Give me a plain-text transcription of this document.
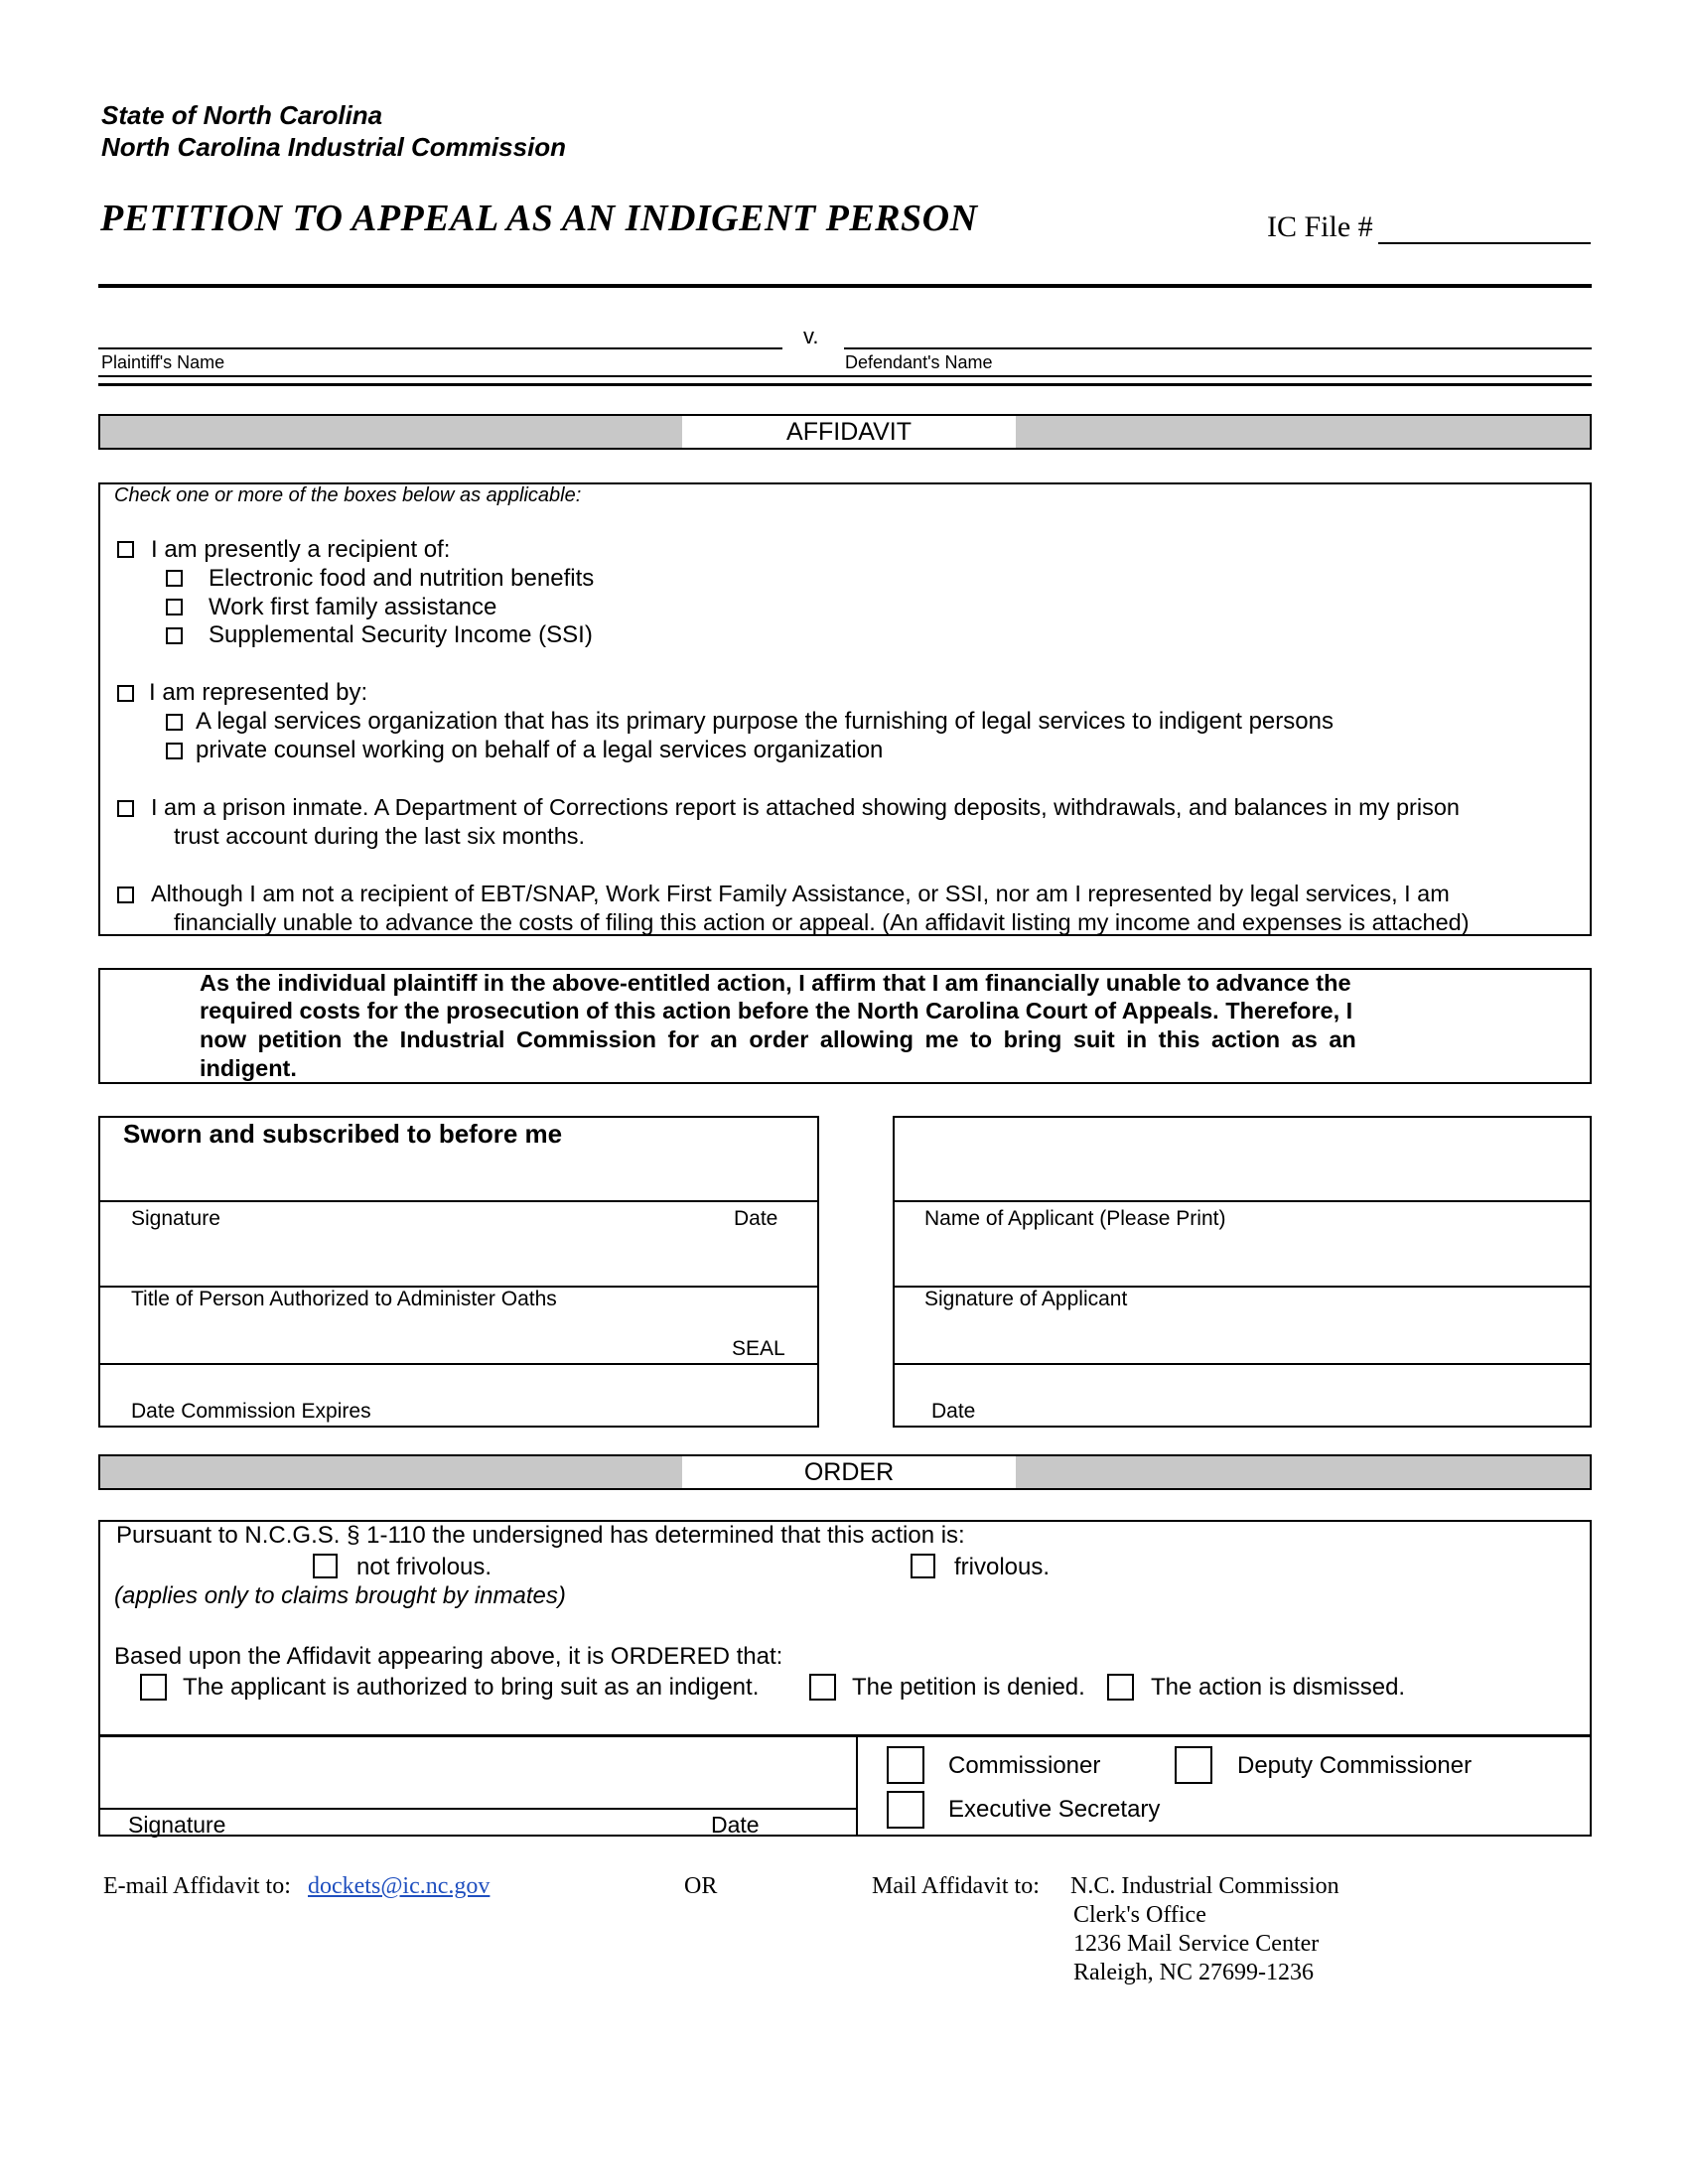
State of North Carolina
North Carolina Industrial Commission
PETITION TO APPEAL AS AN INDIGENT PERSON	IC File #
v.
Plaintiff's Name	Defendant's Name
AFFIDAVIT
Check one or more of the boxes below as applicable:
I am presently a recipient of:
Electronic food and nutrition benefits
Work first family assistance
Supplemental Security Income (SSI)
I am represented by:
A legal services organization that has its primary purpose the furnishing of legal services to indigent persons
private counsel working on behalf of a legal services organization
I am a prison inmate. A Department of Corrections report is attached showing deposits, withdrawals, and balances in my prison
trust account during the last six months.
Although I am not a recipient of EBT/SNAP, Work First Family Assistance, or SSI, nor am I represented by legal services, I am
financially unable to advance the costs of filing this action or appeal. (An affidavit listing my income and expenses is attached)
As the individual plaintiff in the above-entitled action, I affirm that I am financially unable to advance the
required costs for the prosecution of this action before the North Carolina Court of Appeals. Therefore, I
now petition the Industrial Commission for an order allowing me to bring suit in this action as an
indigent.
Sworn and subscribed to before me
Signature	Date
Title of Person Authorized to Administer Oaths
SEAL
Date Commission Expires
Name of Applicant (Please Print)
Signature of Applicant
Date
ORDER
Pursuant to N.C.G.S. § 1-110 the undersigned has determined that this action is:
not frivolous.	frivolous.
(applies only to claims brought by inmates)
Based upon the Affidavit appearing above, it is ORDERED that:
The applicant is authorized to bring suit as an indigent.	The petition is denied.	The action is dismissed.
Signature	Date
Commissioner	Deputy Commissioner
Executive Secretary
E-mail Affidavit to: dockets@ic.nc.gov	OR	Mail Affidavit to: N.C. Industrial Commission
Clerk's Office
1236 Mail Service Center
Raleigh, NC 27699-1236
